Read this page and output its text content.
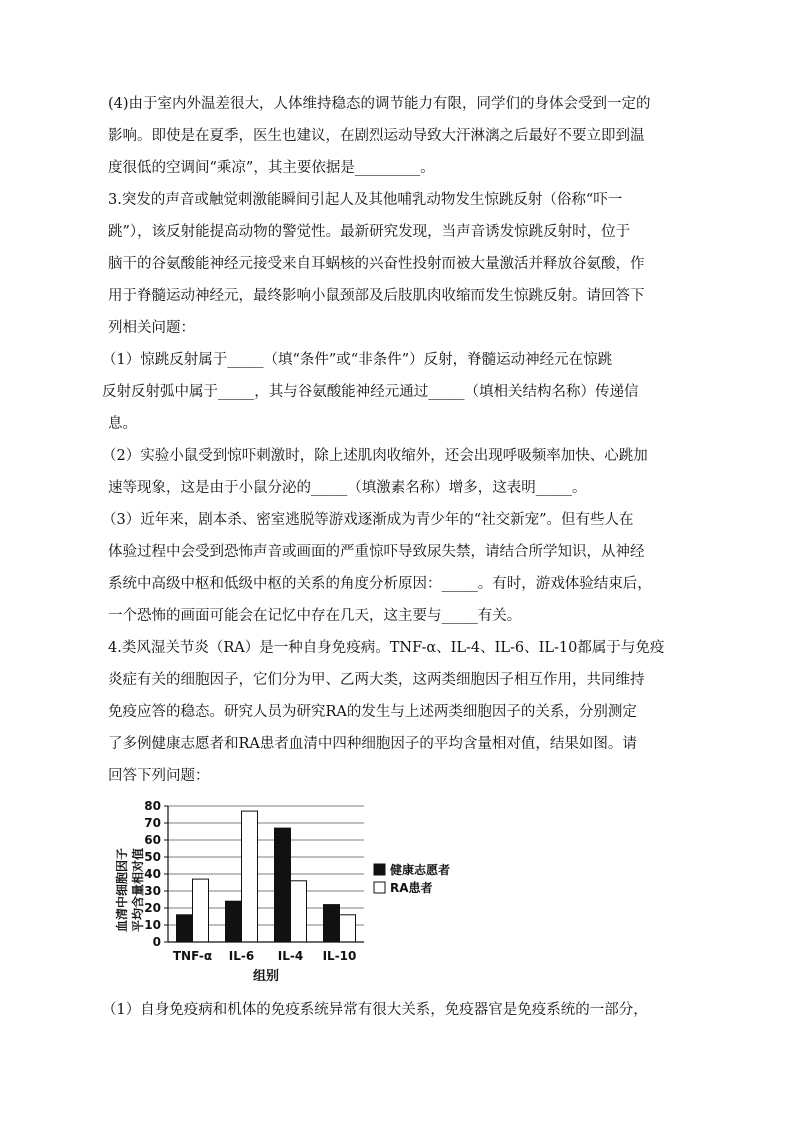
(4)由于室内外温差很大，人体维持稳态的调节能力有限，同学们的身体会受到一定的
影响。即使是在夏季，医生也建议，在剧烈运动导致大汗淋漓之后最好不要立即到温
度很低的空调间“乘凉”，其主要依据是_________。
3.突发的声音或触觉刺激能瞬间引起人及其他哺乳动物发生惊跳反射（俗称“吓一
跳”），该反射能提高动物的警觉性。最新研究发现，当声音诱发惊跳反射时，位于
脑干的谷氨酸能神经元接受来自耳蜗核的兴奋性投射而被大量激活并释放谷氨酸，作
用于脊髓运动神经元，最终影响小鼠颈部及后肢肌肉收缩而发生惊跳反射。请回答下
列相关问题：
（1）惊跳反射属于_____（填“条件”或“非条件”）反射，脊髓运动神经元在惊跳
反射反射弧中属于_____，其与谷氨酸能神经元通过_____（填相关结构名称）传递信
息。
（2）实验小鼠受到惊吓刺激时，除上述肌肉收缩外，还会出现呼吸频率加快、心跳加
速等现象，这是由于小鼠分泌的_____（填激素名称）增多，这表明_____。
（3）近年来，剧本杀、密室逃脱等游戏逐渐成为青少年的“社交新宠”。但有些人在
体验过程中会受到恐怖声音或画面的严重惊吓导致尿失禁，请结合所学知识，从神经
系统中高级中枢和低级中枢的关系的角度分析原因：_____。有时，游戏体验结束后，
一个恐怖的画面可能会在记忆中存在几天，这主要与_____有关。
4.类风湿关节炎（RA）是一种自身免疫病。TNF-α、IL-4、IL-6、IL-10都属于与免疫
炎症有关的细胞因子，它们分为甲、乙两大类，这两类细胞因子相互作用，共同维持
免疫应答的稳态。研究人员为研究RA的发生与上述两类细胞因子的关系，分别测定
了多例健康志愿者和RA患者血清中四种细胞因子的平均含量相对值，结果如图。请
回答下列问题：
血清中细胞因子 平均含量相对值
0
10
20
30
40
50
60
70
80
TNF-α IL-6 IL-4 IL-10
组别
健康志愿者
RA患者
（1）自身免疫病和机体的免疫系统异常有很大关系，免疫器官是免疫系统的一部分，
